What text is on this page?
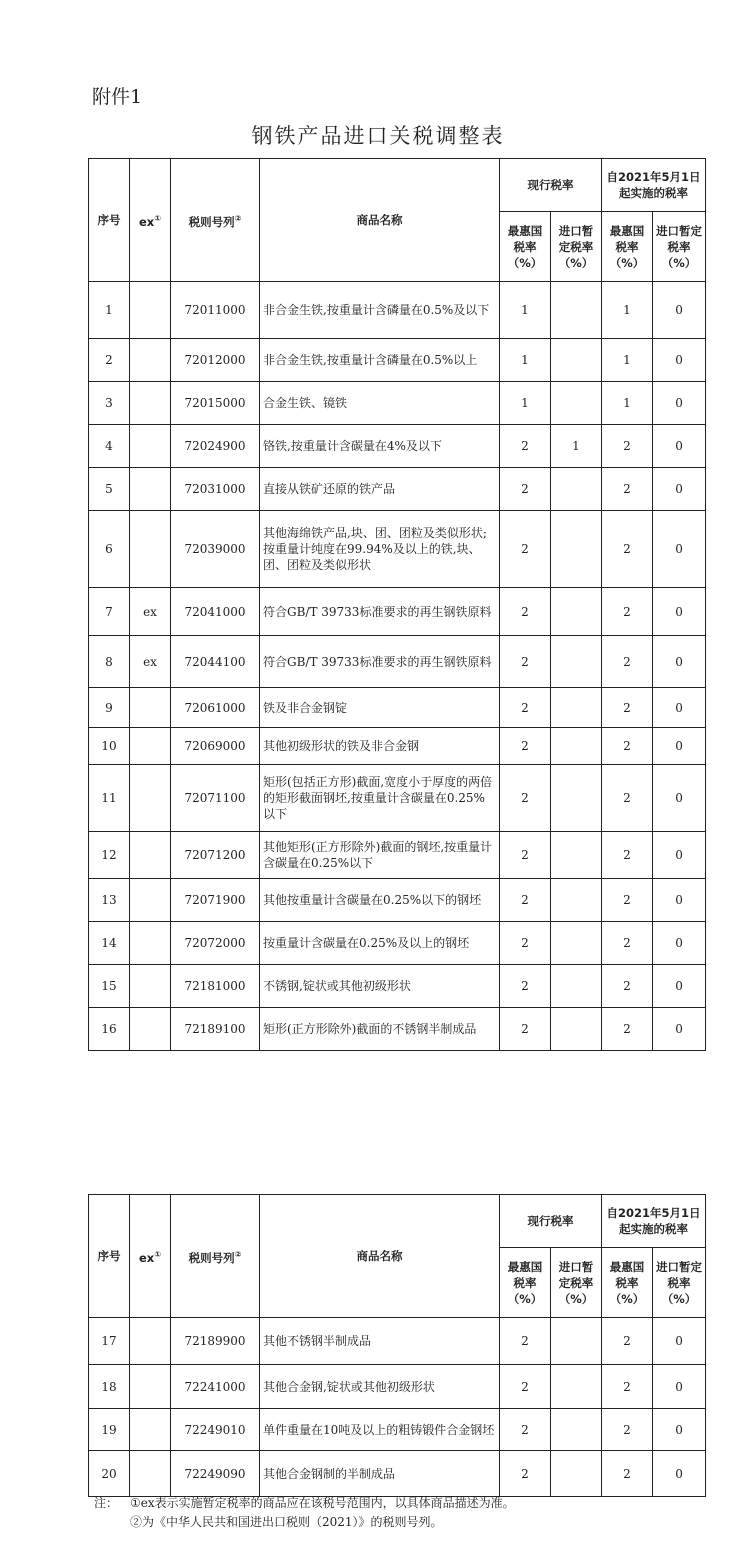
附件1
钢铁产品进口关税调整表
序号	ex①	税则号列②	商品名称	现行税率		自2021年5月1日起实施的税率	
				最惠国税率（%）	进口暂定税率（%）	最惠国税率（%）	进口暂定税率（%）
1		72011000	非合金生铁,按重量计含磷量在0.5%及以下	1		1	0
2		72012000	非合金生铁,按重量计含磷量在0.5%以上	1		1	0
3		72015000	合金生铁、镜铁	1		1	0
4		72024900	铬铁,按重量计含碳量在4%及以下	2	1	2	0
5		72031000	直接从铁矿还原的铁产品	2		2	0
6		72039000	其他海绵铁产品,块、团、团粒及类似形状;按重量计纯度在99.94%及以上的铁,块、团、团粒及类似形状	2		2	0
7	ex	72041000	符合GB/T 39733标准要求的再生钢铁原料	2		2	0
8	ex	72044100	符合GB/T 39733标准要求的再生钢铁原料	2		2	0
9		72061000	铁及非合金钢锭	2		2	0
10		72069000	其他初级形状的铁及非合金钢	2		2	0
11		72071100	矩形(包括正方形)截面,宽度小于厚度的两倍的矩形截面钢坯,按重量计含碳量在0.25%以下	2		2	0
12		72071200	其他矩形(正方形除外)截面的钢坯,按重量计含碳量在0.25%以下	2		2	0
13		72071900	其他按重量计含碳量在0.25%以下的钢坯	2		2	0
14		72072000	按重量计含碳量在0.25%及以上的钢坯	2		2	0
15		72181000	不锈钢,锭状或其他初级形状	2		2	0
16		72189100	矩形(正方形除外)截面的不锈钢半制成品	2		2	0
序号	ex①	税则号列②	商品名称	现行税率		自2021年5月1日起实施的税率	
				最惠国税率（%）	进口暂定税率（%）	最惠国税率（%）	进口暂定税率（%）
17		72189900	其他不锈钢半制成品	2		2	0
18		72241000	其他合金钢,锭状或其他初级形状	2		2	0
19		72249010	单件重量在10吨及以上的粗铸锻件合金钢坯	2		2	0
20		72249090	其他合金钢制的半制成品	2		2	0
注： ①ex表示实施暂定税率的商品应在该税号范围内，以具体商品描述为准。
②为《中华人民共和国进出口税则（2021）》的税则号列。
